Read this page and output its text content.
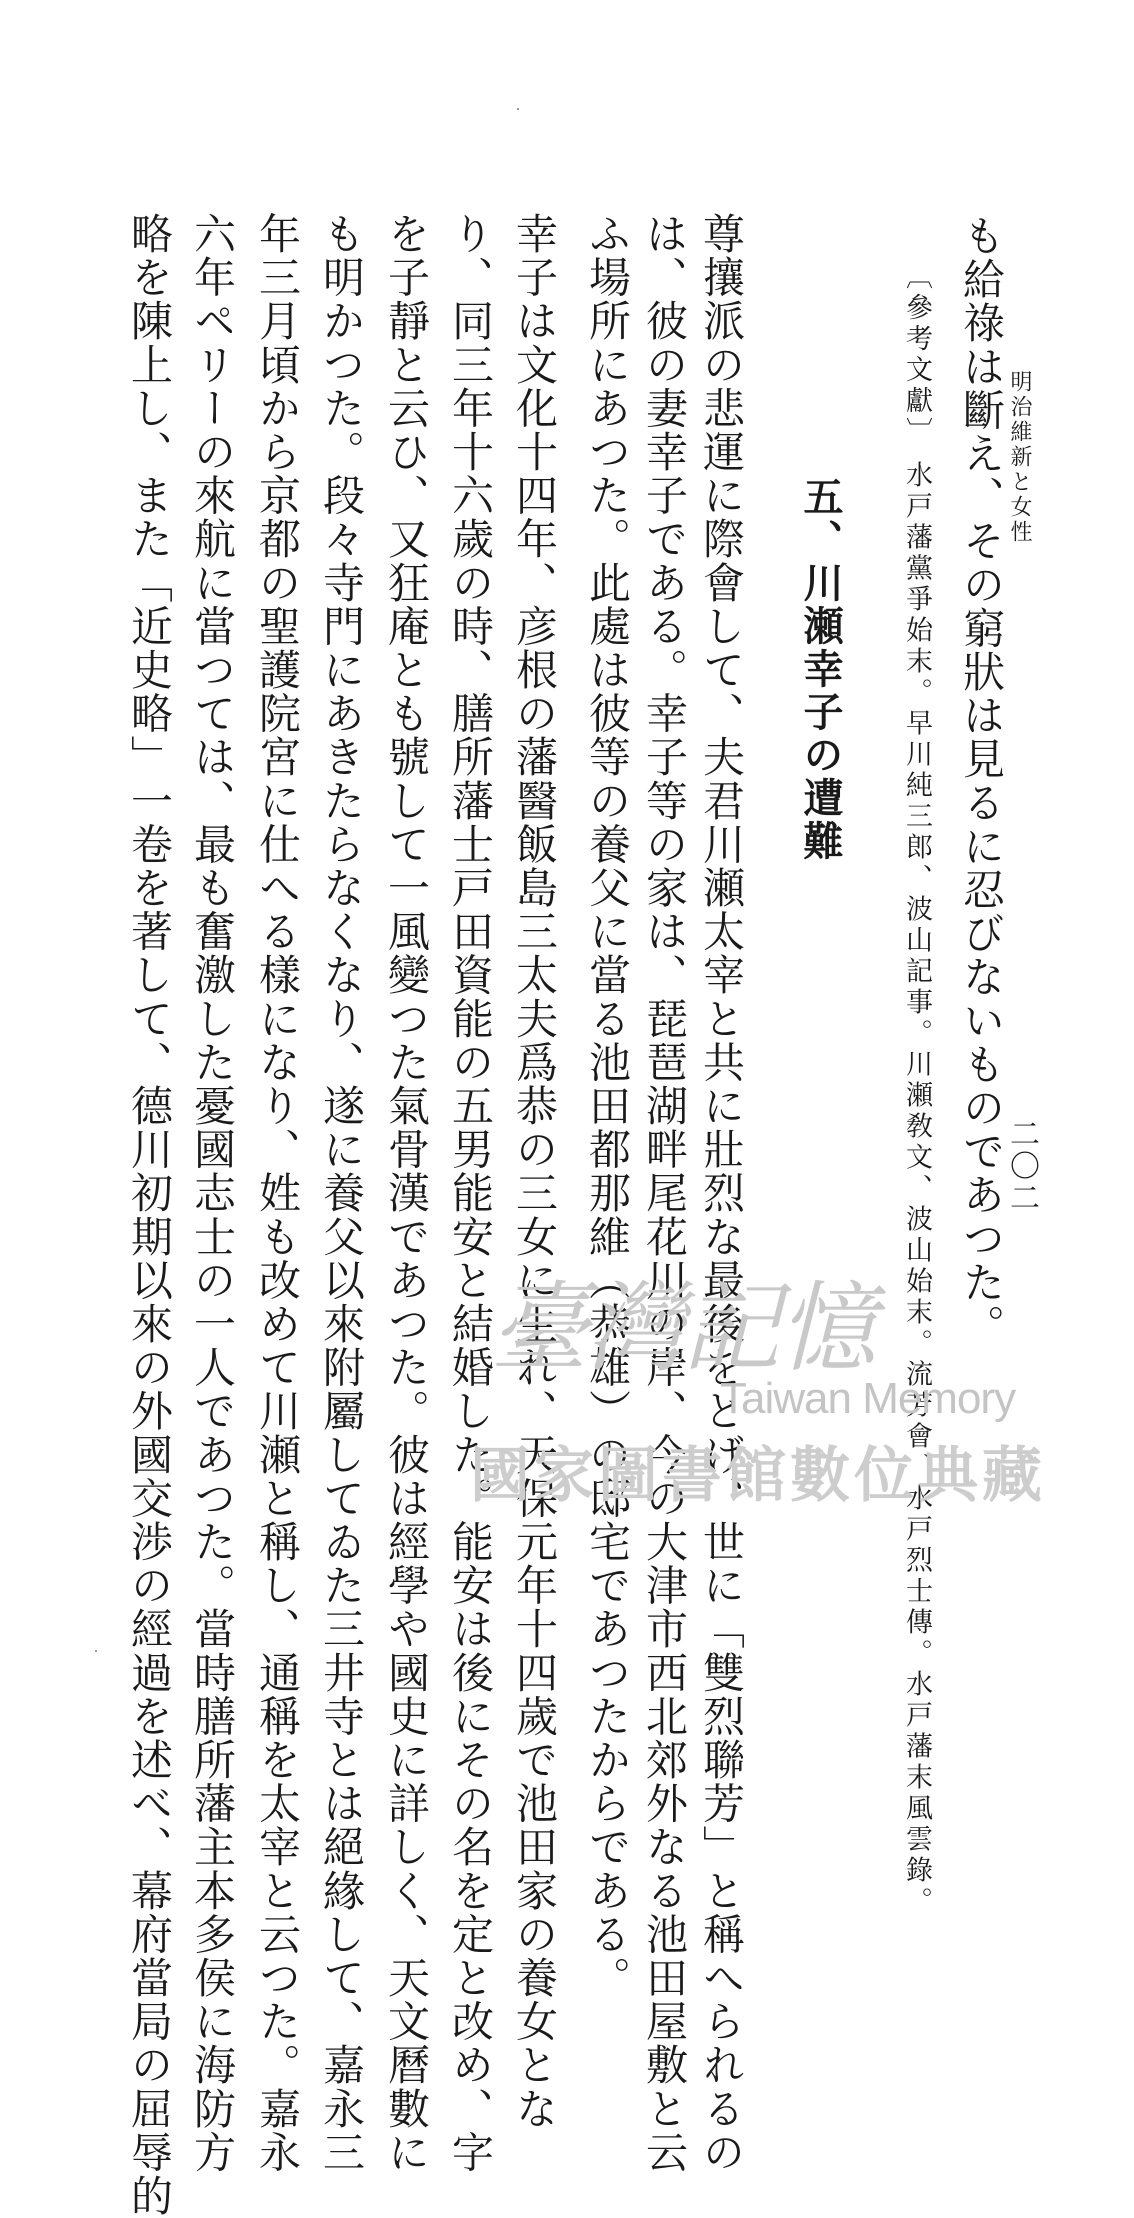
明治維新と女性
二〇二
も給祿は斷え、その窮狀は見るに忍びないものであつた。
〔參考文獻〕 水戸藩黨爭始末。早川純三郎、波山記事。川瀬敎文、波山始末。流芳會、水戸烈士傳。水戸藩末風雲錄。
五、川瀬幸子の遭難
尊攘派の悲運に際會して、夫君川瀬太宰と共に壯烈な最後をとげ、世に「雙烈聯芳」と稱へられるの
は、彼の妻幸子である。幸子等の家は、琵琶湖畔尾花川の岸、今の大津市西北郊外なる池田屋敷と云
ふ場所にあつた。此處は彼等の養父に當る池田都那維（恭雄）の邸宅であつたからである。
幸子は文化十四年、彦根の藩醫飯島三太夫爲恭の三女に生れ、天保元年十四歲で池田家の養女とな
り、同三年十六歲の時、膳所藩士戸田資能の五男能安と結婚した。能安は後にその名を定と改め、字
を子靜と云ひ、又狂庵とも號して一風變つた氣骨漢であつた。彼は經學や國史に詳しく、天文曆數に
も明かつた。段々寺門にあきたらなくなり、遂に養父以來附屬してゐた三井寺とは絕緣して、嘉永三
年三月頃から京都の聖護院宮に仕へる樣になり、姓も改めて川瀬と稱し、通稱を太宰と云つた。嘉永
六年ペリーの來航に當つては、最も奮激した憂國志士の一人であつた。當時膳所藩主本多侯に海防方
略を陳上し、また「近史略」一卷を著して、德川初期以來の外國交渉の經過を述べ、幕府當局の屈辱的	臺灣記憶
Taiwan Memory
國家圖書館數位典藏
